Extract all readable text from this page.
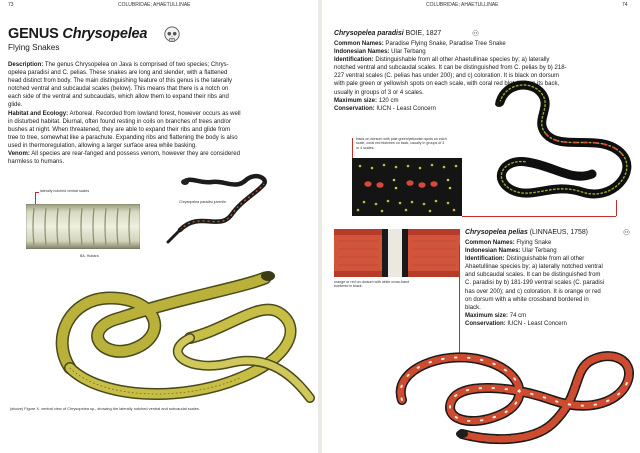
73	COLUBRIDAE; AHAETULLINAE
GENUS Chrysopelea
Flying Snakes
Description: The genus Chrysopelea on Java is comprised of two species; Chrys-
opelea paradisi and C. pelias. These snakes are long and slender, with a flattened
head distinct from body. The main distinguishing feature of this genus is the laterally
notched ventral and subcaudal scales (below). This means that there is a notch on
each side of the ventral and subcaudals, which allow them to expand their ribs and
glide.
Habitat and Ecology: Arboreal. Recorded from lowland forest, however occurs as well
in disturbed habitat. Diurnal, often found resting in coils on branches of trees and/or
bushes at night. When threatened, they are able to expand their ribs and glide from
tree to tree, somewhat like a parachute. Expanding ribs and flattening the body is also
used in thermoregulation, allowing a larger surface area while basking.
Venom: All species are rear-fanged and possess venom, however they are considered
harmless to humans.
laterally notched ventral scales
Chrysopelea paradisi juvenile
BA. Hubara
(above) Figure X. ventral view of Chrysopelea sp., showing the laterally notched ventral and subcaudal scales.
COLUBRIDAE; AHAETULLINAE	74
Chrysopelea paradisi BOIE, 1827
Common Names: Paradise Flying Snake, Paradise Tree Snake
Indonesian Names: Ular Terbang
Identification: Distinguishable from all other Ahaetullinae species by; a) laterally
notched ventral and subcaudal scales. It can be distinguished from C. pelias by b) 218-
227 ventral scales (C. pelias has under 200); and c) coloration. It is black on dorsum
with pale green or yellowish spots on each scale, with coral red blotches on its back,
usually in groups of 3 or 4 scales.
Maximum size: 120 cm
Conservation: IUCN - Least Concern
black on dorsum with pale green/yellowish spots on each scale, coral red blotches on back, usually in groups of 3 or 4 scales.
Chrysopelea pelias (LINNAEUS, 1758)
Common Names: Flying Snake
Indonesian Names: Ular Terbang
Identification: Distinguishable from all other
Ahaetullinae species by; a) laterally notched ventral
and subcaudal scales. It can be distinguished from
C. paradisi by b) 181-199 ventral scales (C. paradisi
has over 200); and c) coloration. It is orange or red
on dorsum with a white crossband bordered in
black.
Maximum size: 74 cm
Conservation: IUCN - Least Concern
orange or red on dorsum with white cross-band bordered in black.
